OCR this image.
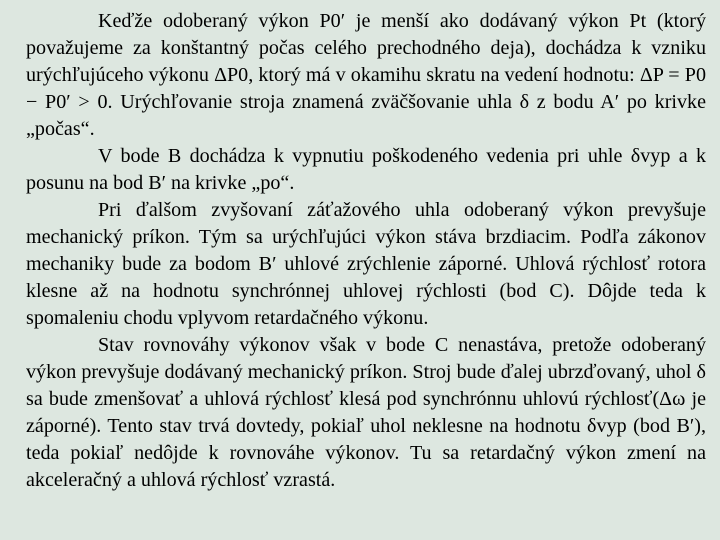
Keďže odoberaný výkon P0′ je menší ako dodávaný výkon Pt (ktorý považujeme za konštantný počas celého prechodného deja), dochádza k vzniku urýchľujúceho výkonu ΔP0, ktorý má v okamihu skratu na vedení hodnotu: ΔP = P0 − P0′ > 0. Urýchľovanie stroja znamená zväčšovanie uhla δ z bodu A′ po krivke „počas“.

V bode B dochádza k vypnutiu poškodeného vedenia pri uhle δvyp a k posunu na bod B′ na krivke „po“.

Pri ďalšom zvyšovaní záťažového uhla odoberaný výkon prevyšuje mechanický príkon. Tým sa urýchľujúci výkon stáva brzdiacim. Podľa zákonov mechaniky bude za bodom B′ uhlové zrýchlenie záporné. Uhlová rýchlosť rotora klesne až na hodnotu synchrónnej uhlovej rýchlosti (bod C). Dôjde teda k spomaleniu chodu vplyvom retardačného výkonu.

Stav rovnováhy výkonov však v bode C nenastáva, pretože odoberaný výkon prevyšuje dodávaný mechanický príkon. Stroj bude ďalej ubrzďovaný, uhol δ sa bude zmenšovať a uhlová rýchlosť klesá pod synchrónnu uhlovú rýchlosť(Δω je záporné). Tento stav trvá dovtedy, pokiaľ uhol neklesne na hodnotu δvyp (bod B′), teda pokiaľ nedôjde k rovnováhe výkonov. Tu sa retardačný výkon zmení na akceleračný a uhlová rýchlosť vzrastá.
